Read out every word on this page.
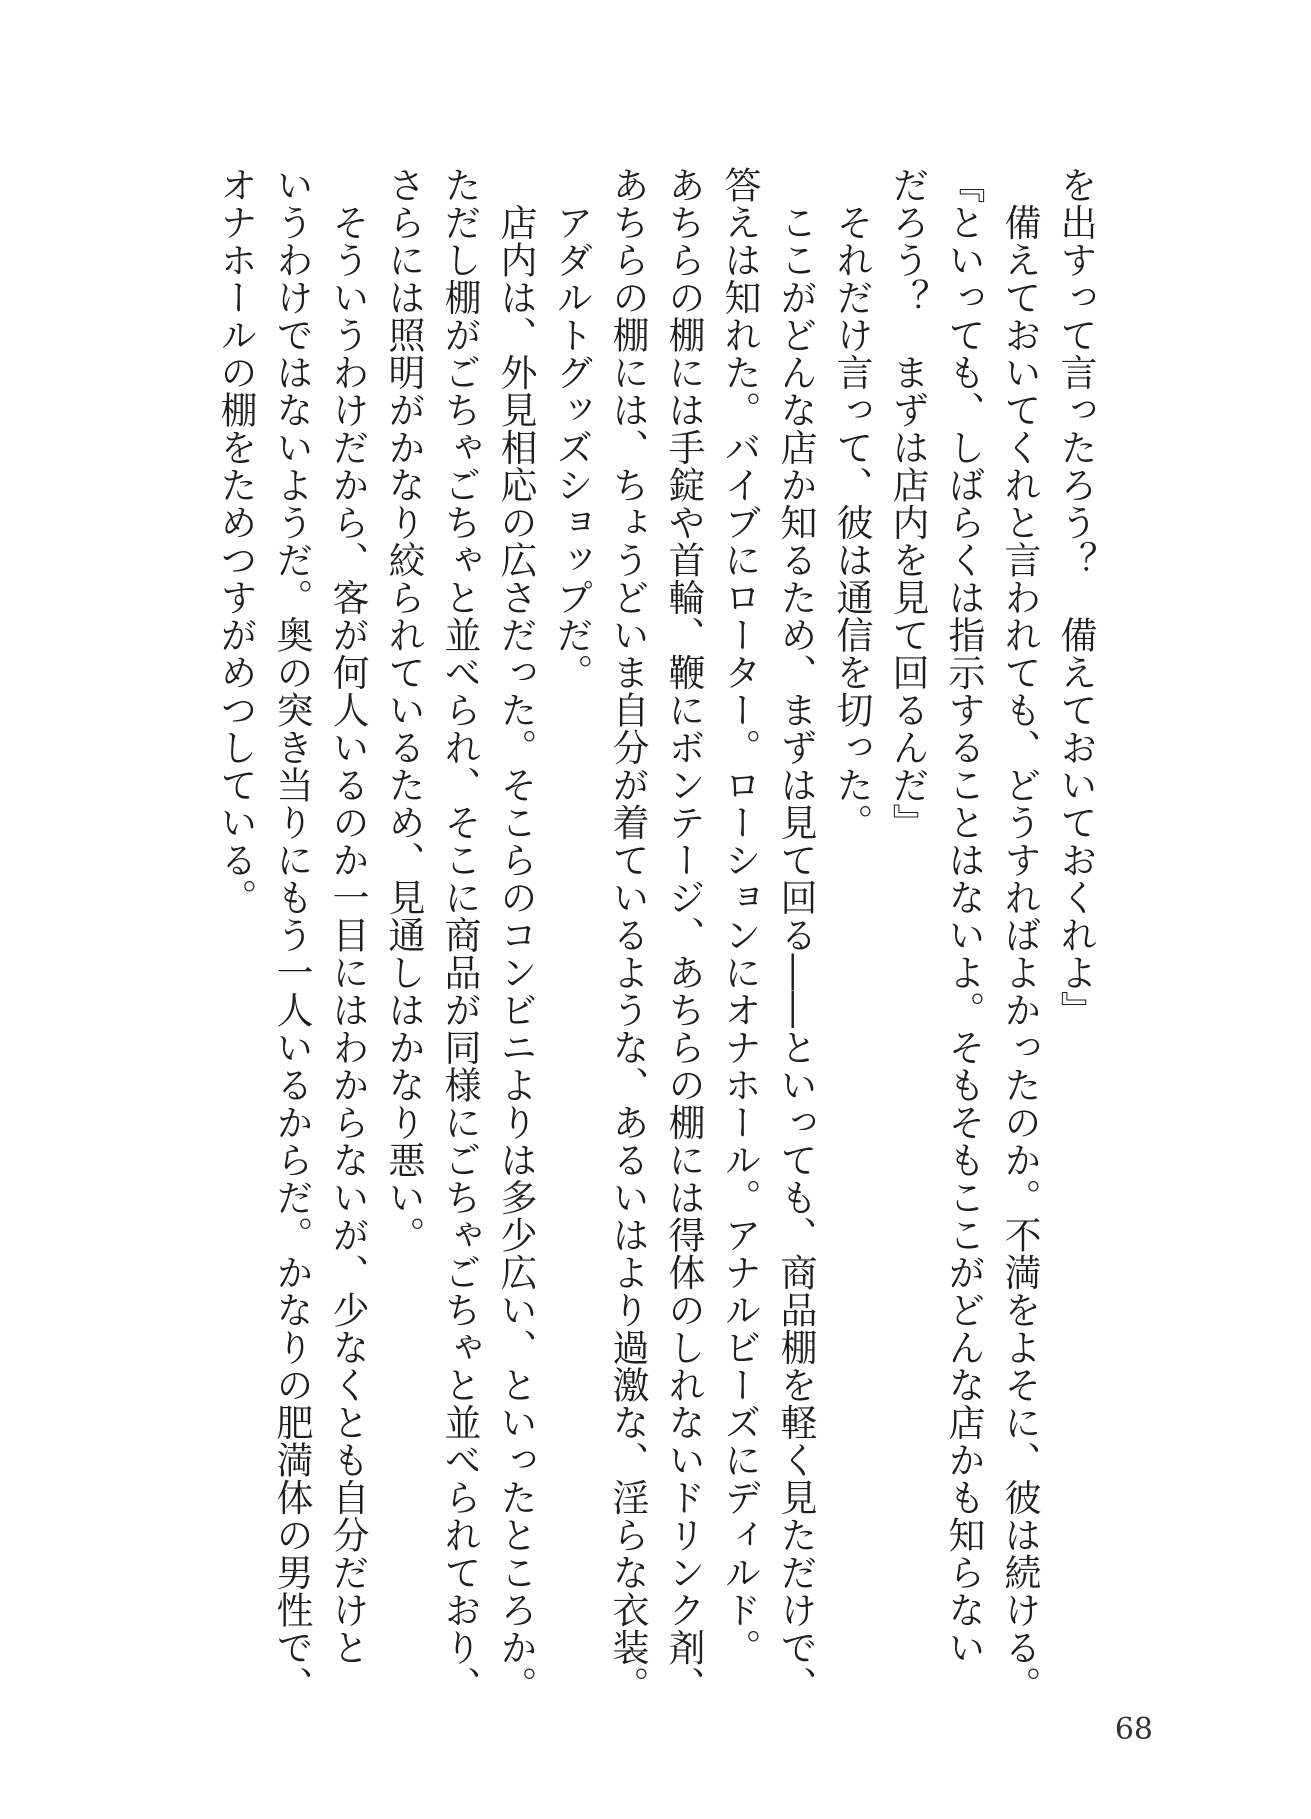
を出すって言ったろう？　備えておいておくれよ』
　備えておいてくれと言われても、どうすればよかったのか。不満をよそに、彼は続ける。
『といっても、しばらくは指示することはないよ。そもそもここがどんな店かも知らない
だろう？　まずは店内を見て回るんだ』
　それだけ言って、彼は通信を切った。
　ここがどんな店か知るため、まずは見て回る――といっても、商品棚を軽く見ただけで、
答えは知れた。バイブにローター。ローションにオナホール。アナルビーズにディルド。
あちらの棚には手錠や首輪、鞭にボンテージ、あちらの棚には得体のしれないドリンク剤、
あちらの棚には、ちょうどいま自分が着ているような、あるいはより過激な、淫らな衣装。
　アダルトグッズショップだ。
　店内は、外見相応の広さだった。そこらのコンビニよりは多少広い、といったところか。
ただし棚がごちゃごちゃと並べられ、そこに商品が同様にごちゃごちゃと並べられており、
さらには照明がかなり絞られているため、見通しはかなり悪い。
　そういうわけだから、客が何人いるのか一目にはわからないが、少なくとも自分だけと
いうわけではないようだ。奥の突き当りにもう一人いるからだ。かなりの肥満体の男性で、
オナホールの棚をためつすがめつしている。
68
